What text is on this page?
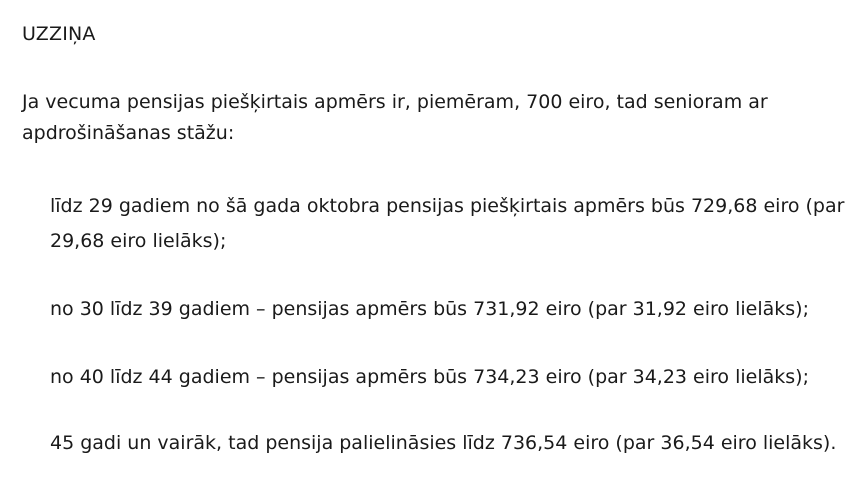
UZZIŅA

Ja vecuma pensijas piešķirtais apmērs ir, piemēram, 700 eiro, tad senioram ar apdrošināšanas stāžu:

līdz 29 gadiem no šā gada oktobra pensijas piešķirtais apmērs būs 729,68 eiro (par 29,68 eiro lielāks);
no 30 līdz 39 gadiem – pensijas apmērs būs 731,92 eiro (par 31,92 eiro lielāks);
no 40 līdz 44 gadiem – pensijas apmērs būs 734,23 eiro (par 34,23 eiro lielāks);
45 gadi un vairāk, tad pensija palielināsies līdz 736,54 eiro (par 36,54 eiro lielāks).
